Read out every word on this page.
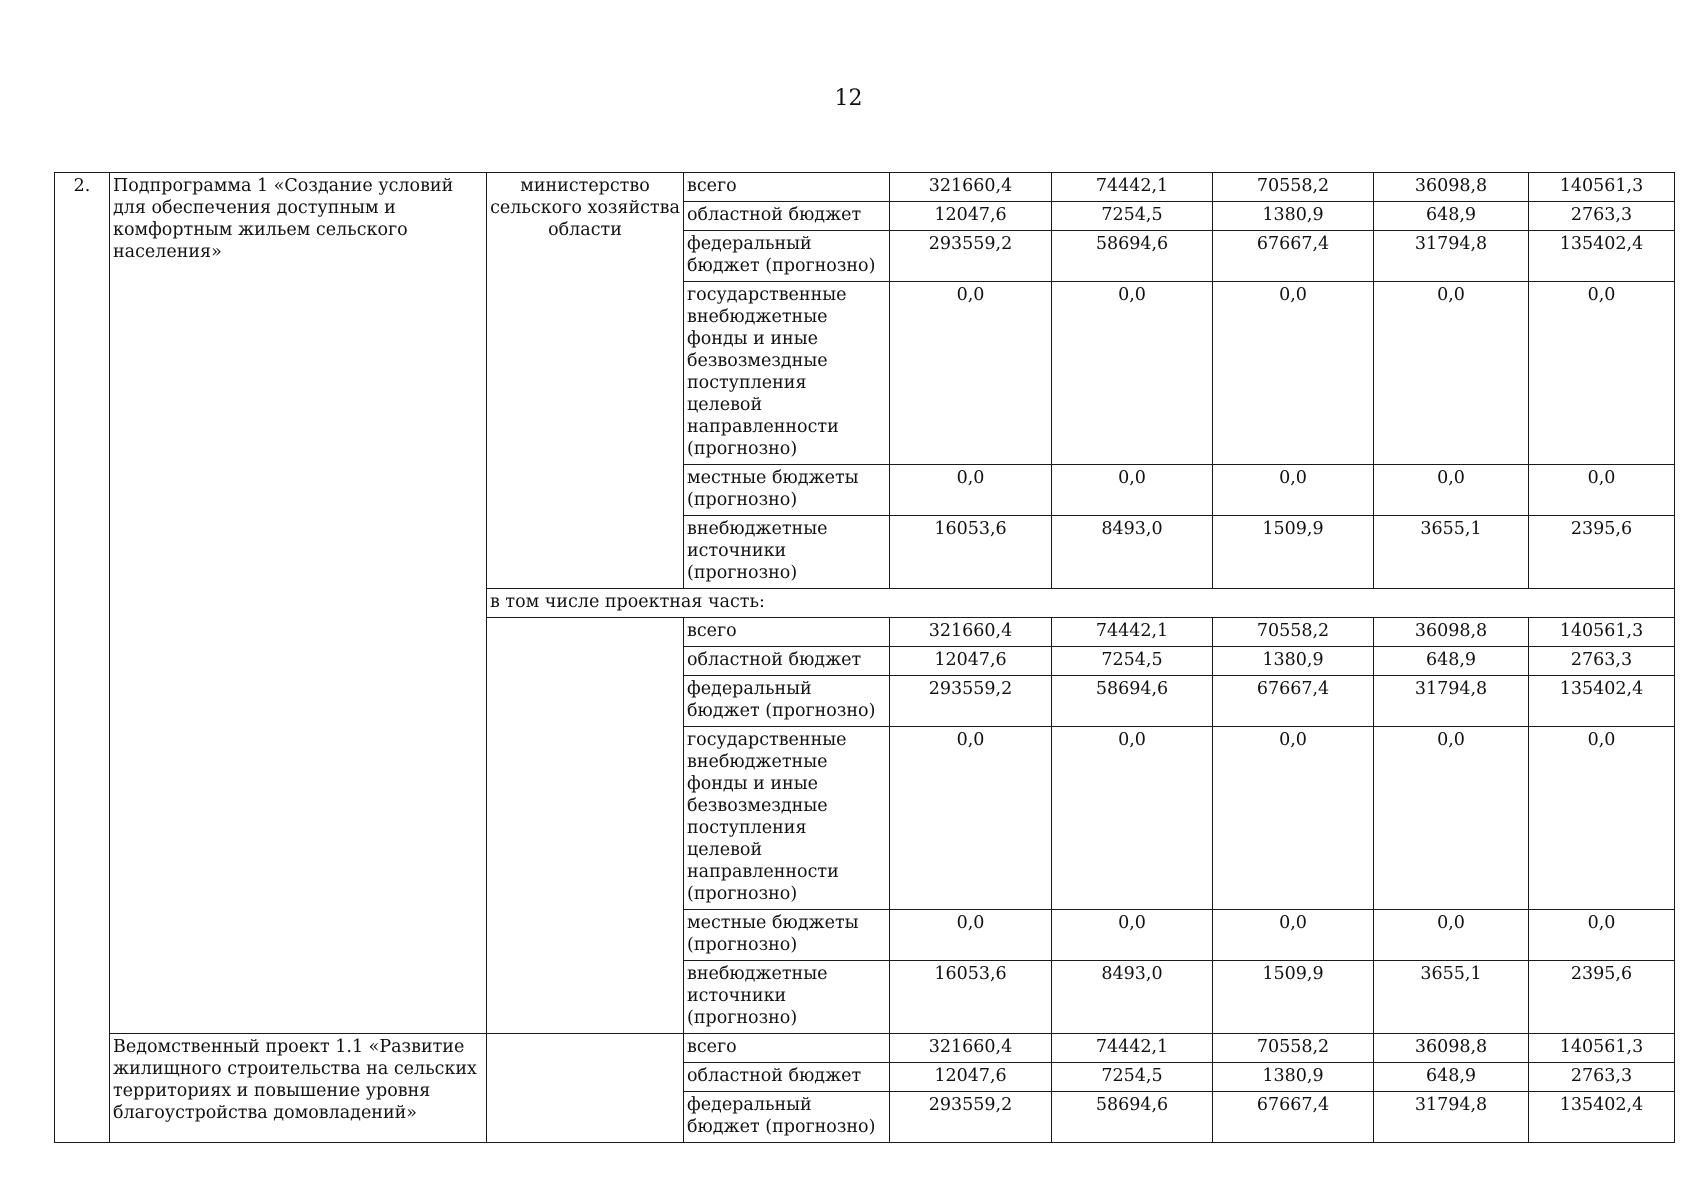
12
2.	Подпрограмма 1 «Создание условий для обеспечения доступным и комфортным жильем сельского населения»	министерство сельского хозяйства области	всего	321660,4	74442,1	70558,2	36098,8	140561,3
			областной бюджет	12047,6	7254,5	1380,9	648,9	2763,3
			федеральный бюджет (прогнозно)	293559,2	58694,6	67667,4	31794,8	135402,4
			государственные внебюджетные фонды и иные безвозмездные поступления целевой направленности (прогнозно)	0,0	0,0	0,0	0,0	0,0
			местные бюджеты (прогнозно)	0,0	0,0	0,0	0,0	0,0
			внебюджетные источники (прогнозно)	16053,6	8493,0	1509,9	3655,1	2395,6
		в том числе проектная часть:						
			всего	321660,4	74442,1	70558,2	36098,8	140561,3
			областной бюджет	12047,6	7254,5	1380,9	648,9	2763,3
			федеральный бюджет (прогнозно)	293559,2	58694,6	67667,4	31794,8	135402,4
			государственные внебюджетные фонды и иные безвозмездные поступления целевой направленности (прогнозно)	0,0	0,0	0,0	0,0	0,0
			местные бюджеты (прогнозно)	0,0	0,0	0,0	0,0	0,0
			внебюджетные источники (прогнозно)	16053,6	8493,0	1509,9	3655,1	2395,6
	Ведомственный проект 1.1 «Развитие жилищного строительства на сельских территориях и повышение уровня благоустройства домовладений»		всего	321660,4	74442,1	70558,2	36098,8	140561,3
			областной бюджет	12047,6	7254,5	1380,9	648,9	2763,3
			федеральный бюджет (прогнозно)	293559,2	58694,6	67667,4	31794,8	135402,4
